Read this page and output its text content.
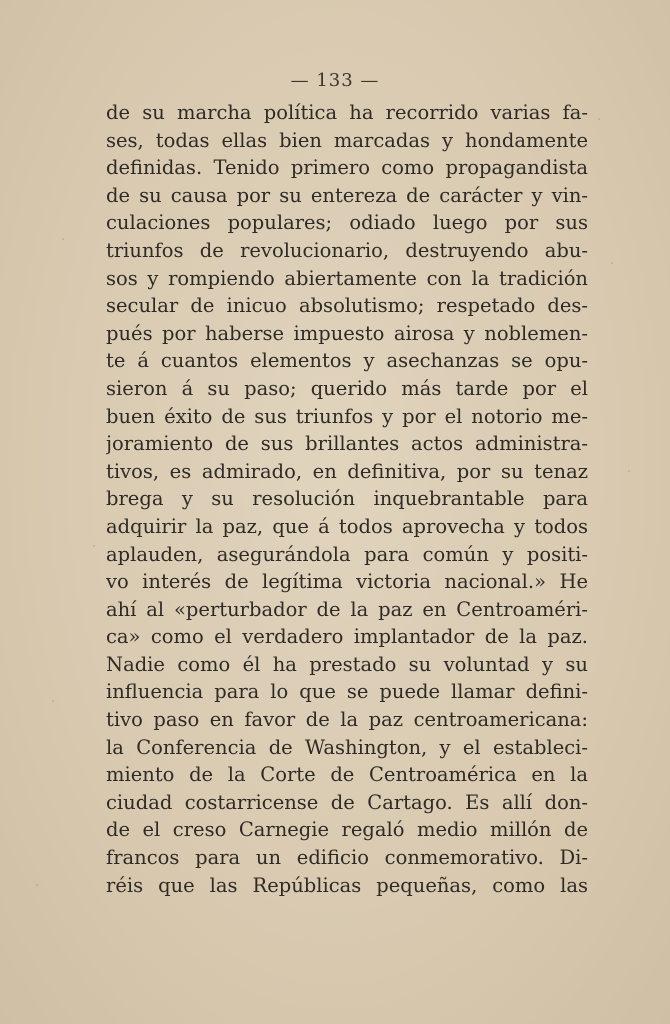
— 133 —
de su marcha política ha recorrido varias fa-
ses, todas ellas bien marcadas y hondamente
definidas. Tenido primero como propagandista
de su causa por su entereza de carácter y vin-
culaciones populares; odiado luego por sus
triunfos de revolucionario, destruyendo abu-
sos y rompiendo abiertamente con la tradición
secular de inicuo absolutismo; respetado des-
pués por haberse impuesto airosa y noblemen-
te á cuantos elementos y asechanzas se opu-
sieron á su paso; querido más tarde por el
buen éxito de sus triunfos y por el notorio me-
joramiento de sus brillantes actos administra-
tivos, es admirado, en definitiva, por su tenaz
brega y su resolución inquebrantable para
adquirir la paz, que á todos aprovecha y todos
aplauden, asegurándola para común y positi-
vo interés de legítima victoria nacional.» He
ahí al «perturbador de la paz en Centroaméri-
ca» como el verdadero implantador de la paz.
Nadie como él ha prestado su voluntad y su
influencia para lo que se puede llamar defini-
tivo paso en favor de la paz centroamericana:
la Conferencia de Washington, y el estableci-
miento de la Corte de Centroamérica en la
ciudad costarricense de Cartago. Es allí don-
de el creso Carnegie regaló medio millón de
francos para un edificio conmemorativo. Di-
réis que las Repúblicas pequeñas, como las
